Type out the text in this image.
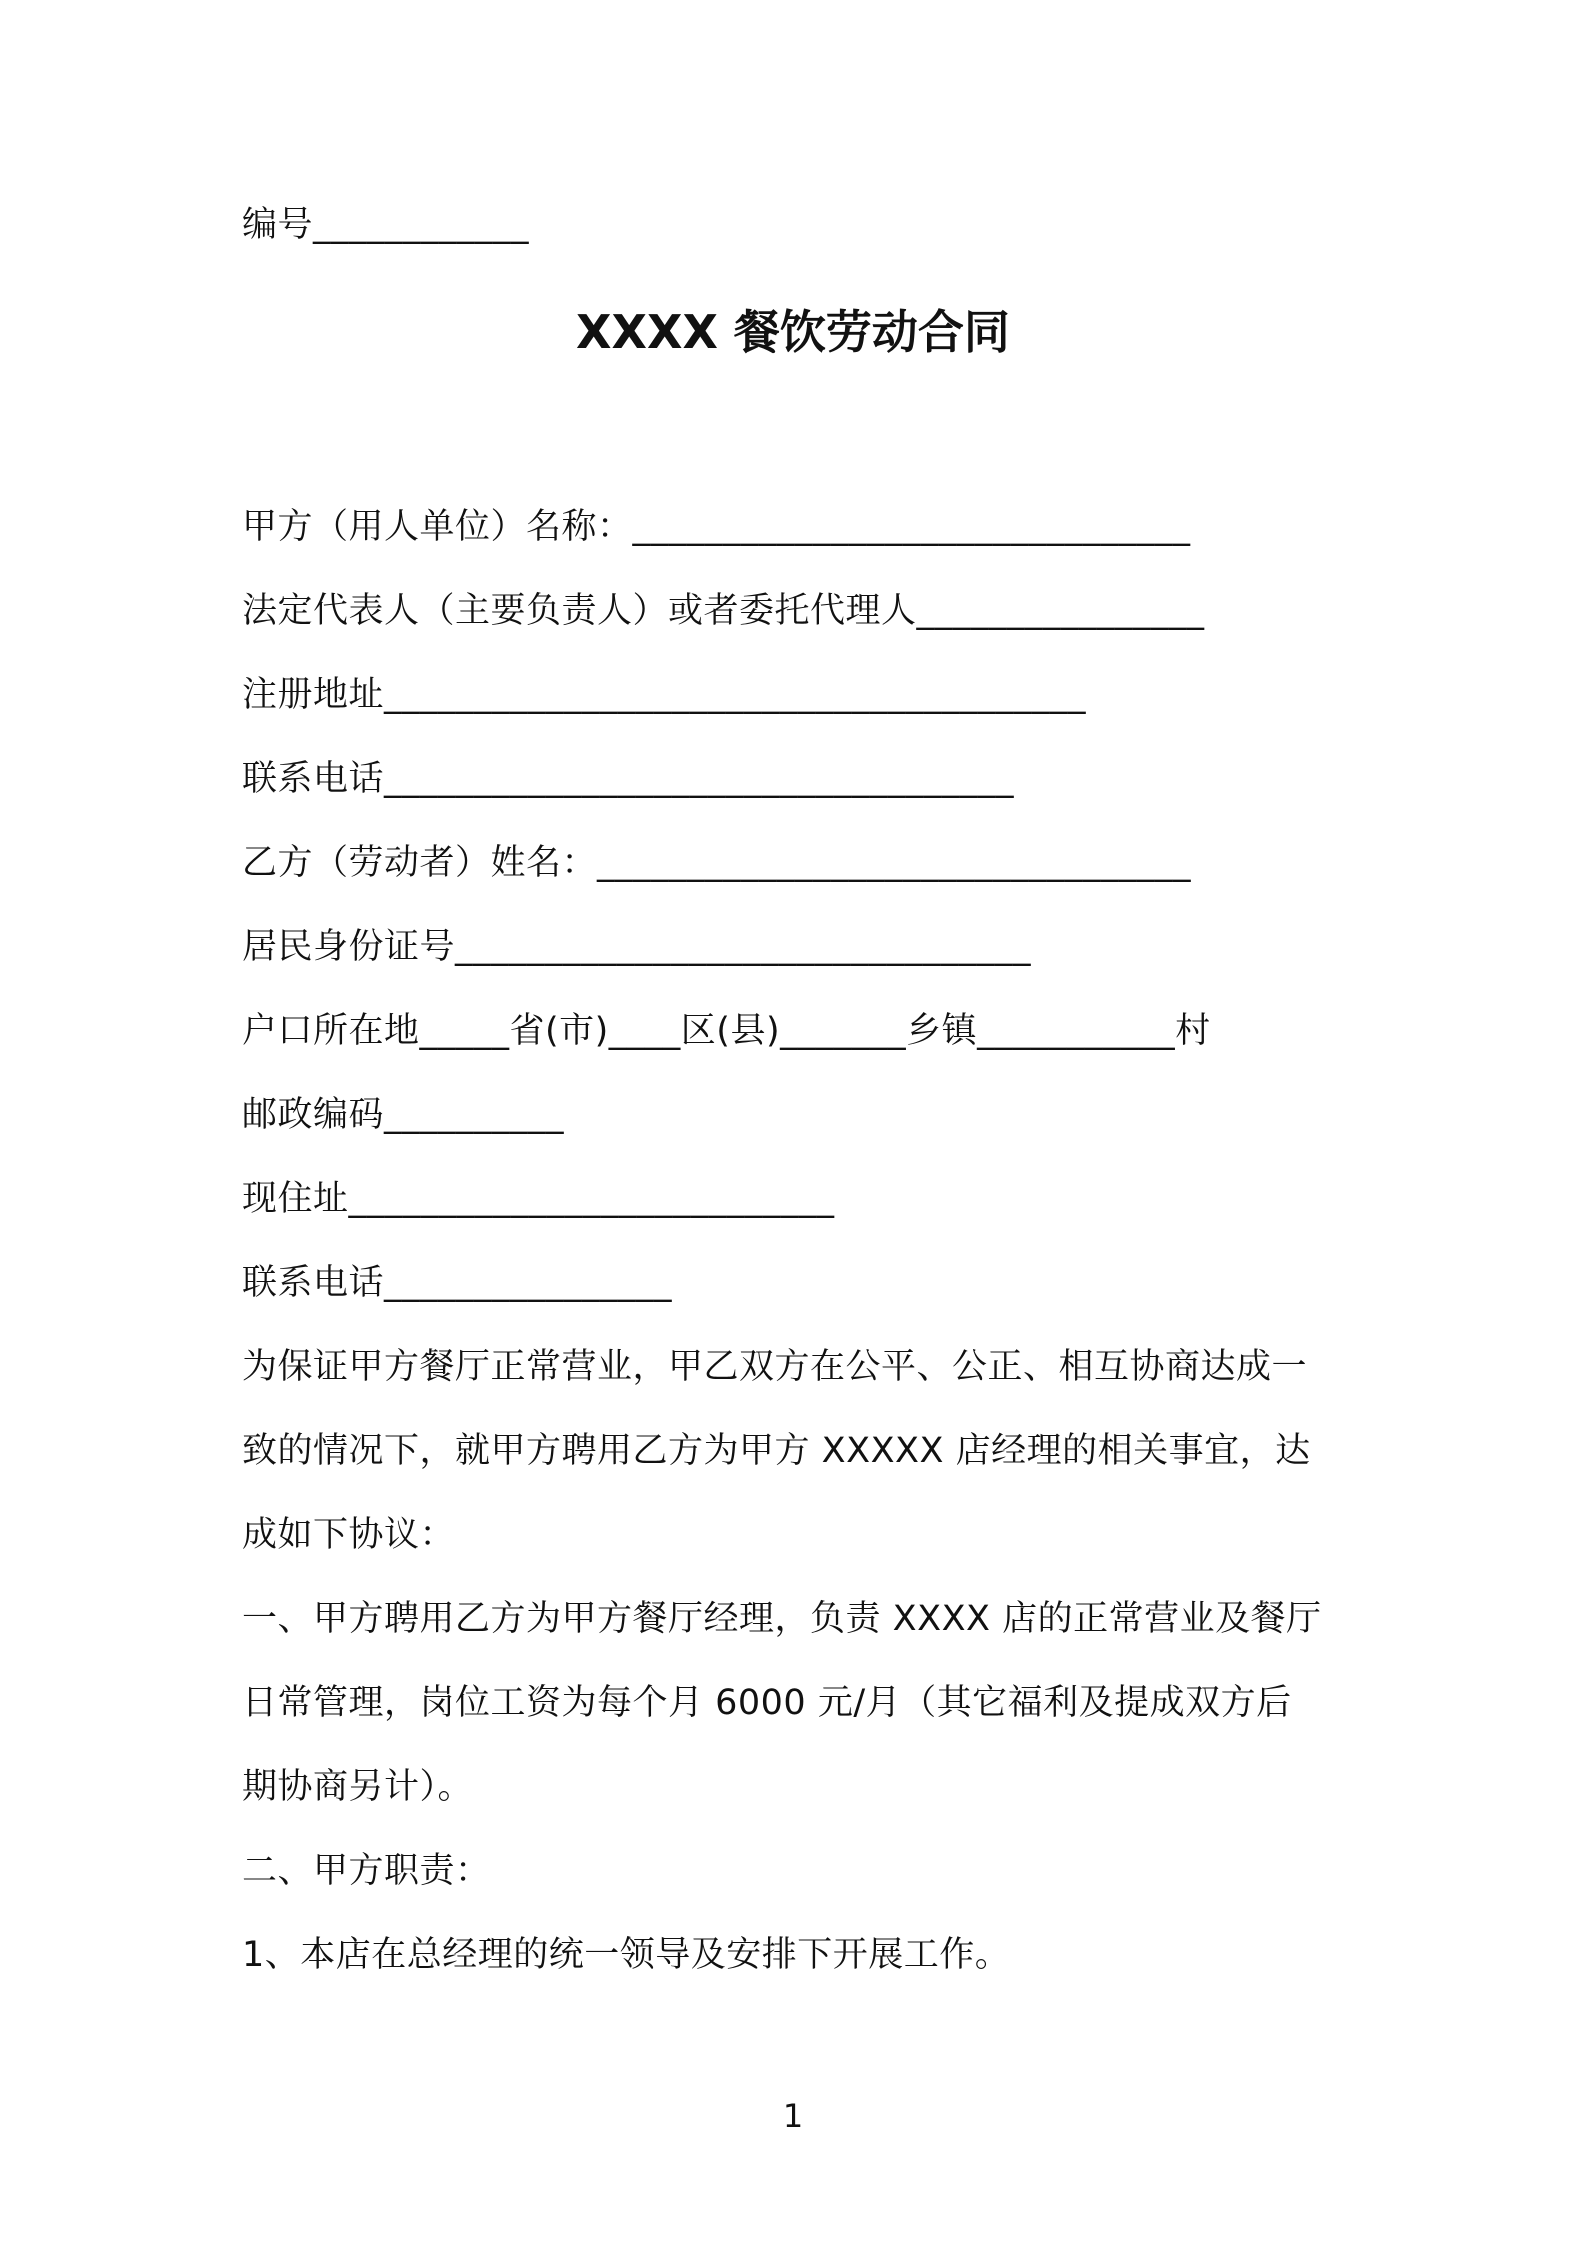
编号____________
XXXX 餐饮劳动合同
甲方（用人单位）名称：_______________________________
法定代表人（主要负责人）或者委托代理人________________
注册地址_______________________________________
联系电话___________________________________
乙方（劳动者）姓名：_________________________________
居民身份证号________________________________
户口所在地_____省(市)____区(县)_______乡镇___________村
邮政编码__________
现住址___________________________
联系电话________________
为保证甲方餐厅正常营业，甲乙双方在公平、公正、相互协商达成一
致的情况下，就甲方聘用乙方为甲方 XXXXX 店经理的相关事宜，达
成如下协议：
一、甲方聘用乙方为甲方餐厅经理，负责 XXXX 店的正常营业及餐厅
日常管理，岗位工资为每个月 6000 元/月（其它福利及提成双方后
期协商另计）。
二、甲方职责：
1、本店在总经理的统一领导及安排下开展工作。
1
